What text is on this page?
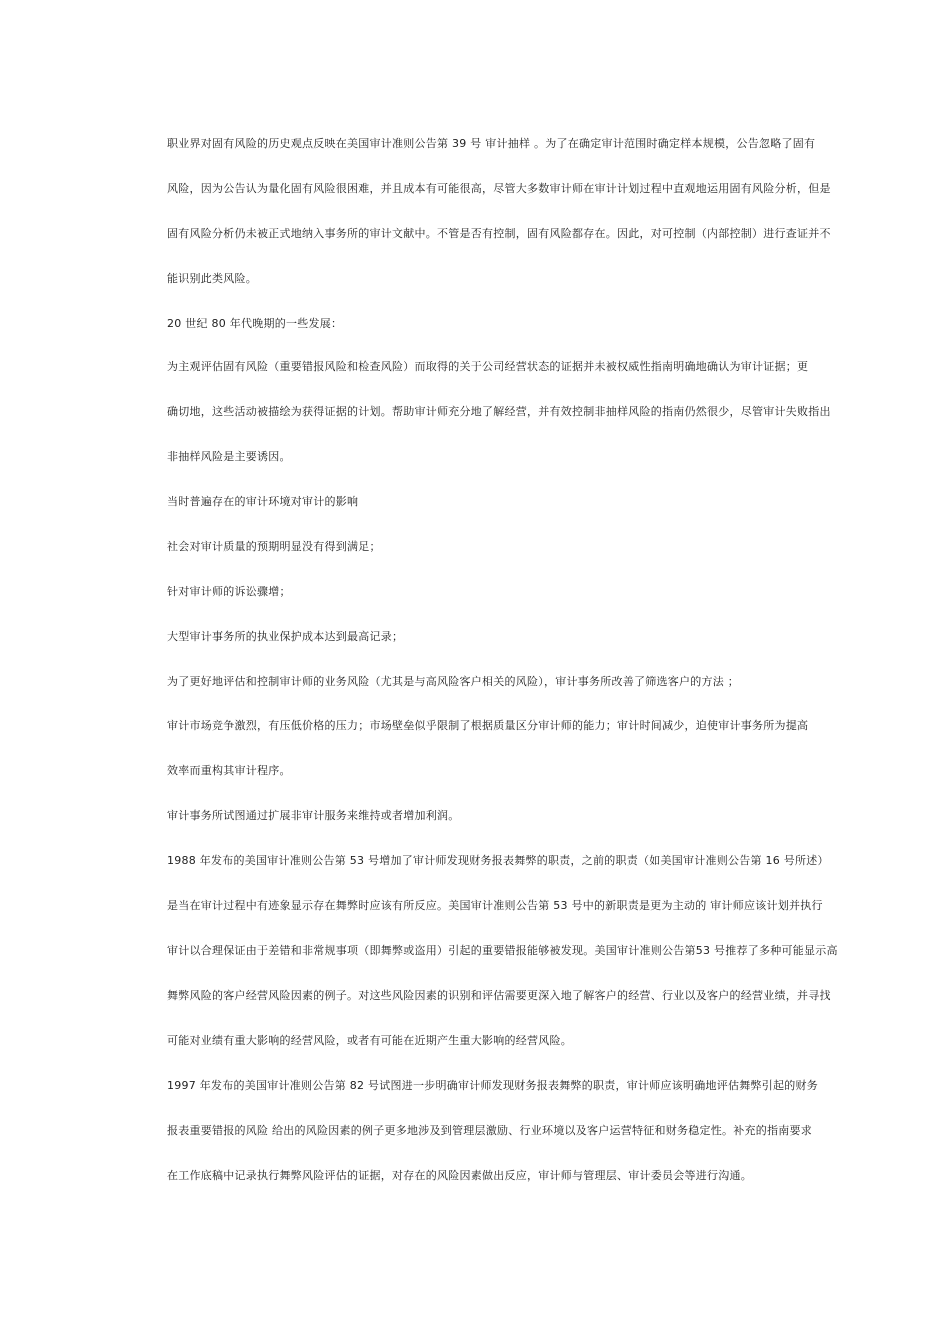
职业界对固有风险的历史观点反映在美国审计准则公告第 39 号 审计抽样 。为了在确定审计范围时确定样本规模，公告忽略了固有
风险，因为公告认为量化固有风险很困难，并且成本有可能很高，尽管大多数审计师在审计计划过程中直观地运用固有风险分析，但是
固有风险分析仍未被正式地纳入事务所的审计文献中。不管是否有控制，固有风险都存在。因此，对可控制（内部控制）进行查证并不
能识别此类风险。

20 世纪 80 年代晚期的一些发展：

为主观评估固有风险（重要错报风险和检查风险）而取得的关于公司经营状态的证据并未被权威性指南明确地确认为审计证据；更
确切地，这些活动被描绘为获得证据的计划。帮助审计师充分地了解经营，并有效控制非抽样风险的指南仍然很少，尽管审计失败指出
非抽样风险是主要诱因。

当时普遍存在的审计环境对审计的影响

社会对审计质量的预期明显没有得到满足；

针对审计师的诉讼骤增；

大型审计事务所的执业保护成本达到最高记录；

为了更好地评估和控制审计师的业务风险（尤其是与高风险客户相关的风险），审计事务所改善了筛选客户的方法 ；

审计市场竞争激烈，有压低价格的压力；市场壁垒似乎限制了根据质量区分审计师的能力；审计时间减少，迫使审计事务所为提高
效率而重构其审计程序。

审计事务所试图通过扩展非审计服务来维持或者增加利润。

1988 年发布的美国审计准则公告第 53 号增加了审计师发现财务报表舞弊的职责，之前的职责（如美国审计准则公告第 16 号所述）
是当在审计过程中有迹象显示存在舞弊时应该有所反应。美国审计准则公告第 53 号中的新职责是更为主动的 审计师应该计划并执行
审计以合理保证由于差错和非常规事项（即舞弊或盗用）引起的重要错报能够被发现。美国审计准则公告第53 号推荐了多种可能显示高
舞弊风险的客户经营风险因素的例子。对这些风险因素的识别和评估需要更深入地了解客户的经营、行业以及客户的经营业绩，并寻找
可能对业绩有重大影响的经营风险，或者有可能在近期产生重大影响的经营风险。

1997 年发布的美国审计准则公告第 82 号试图进一步明确审计师发现财务报表舞弊的职责，审计师应该明确地评估舞弊引起的财务
报表重要错报的风险 给出的风险因素的例子更多地涉及到管理层激励、行业环境以及客户运营特征和财务稳定性。补充的指南要求
在工作底稿中记录执行舞弊风险评估的证据，对存在的风险因素做出反应，审计师与管理层、审计委员会等进行沟通。
